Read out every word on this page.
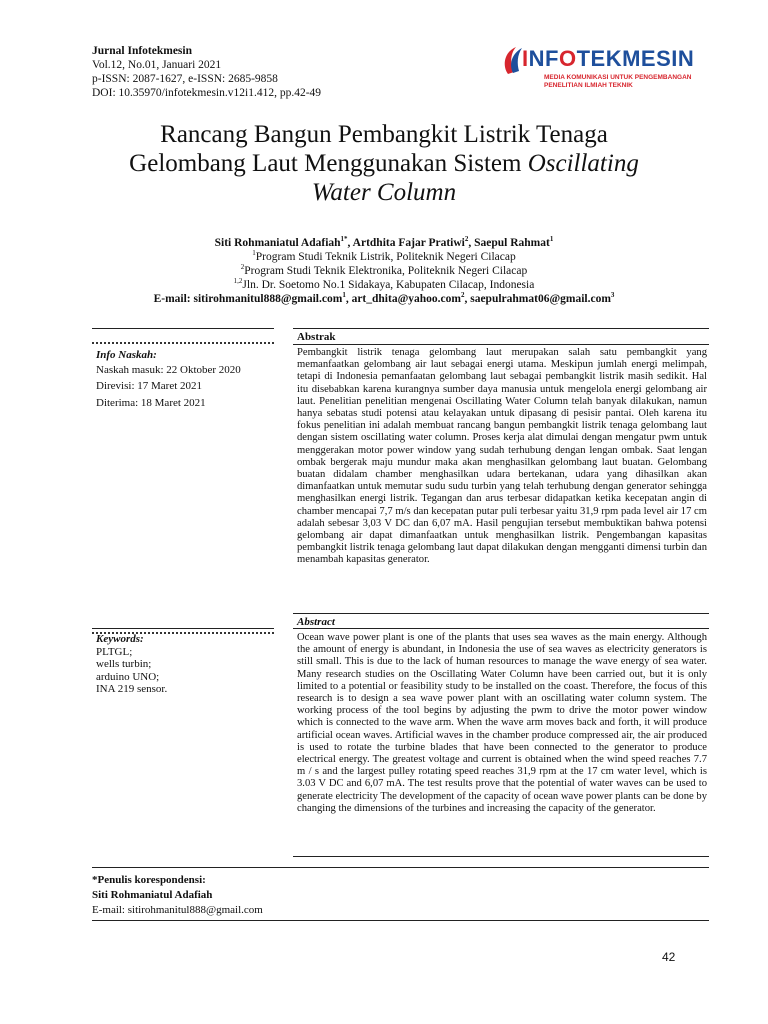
Jurnal Infotekmesin
Vol.12, No.01, Januari 2021
p-ISSN: 2087-1627, e-ISSN: 2685-9858
DOI: 10.35970/infotekmesin.v12i1.412, pp.42-49
INFOTEKMESIN
MEDIA KOMUNIKASI UNTUK PENGEMBANGAN
PENELITIAN ILMIAH TEKNIK
Rancang Bangun Pembangkit Listrik Tenaga
Gelombang Laut Menggunakan Sistem Oscillating
Water Column
Siti Rohmaniatul Adafiah$^{1*}$, Artdhita Fajar Pratiwi$^2$, Saepul Rahmat$^1$
$^1$Program Studi Teknik Listrik, Politeknik Negeri Cilacap
$^2$Program Studi Teknik Elektronika, Politeknik Negeri Cilacap
$^{1,2}$Jln. Dr. Soetomo No.1 Sidakaya, Kabupaten Cilacap, Indonesia
E-mail: sitirohmanitul888@gmail.com$^1$, art_dhita@yahoo.com$^2$, saepulrahmat06@gmail.com$^3$
Abstrak
Info Naskah:
Naskah masuk: 22 Oktober 2020
Direvisi: 17 Maret 2021
Diterima: 18 Maret 2021
Pembangkit listrik tenaga gelombang laut merupakan salah satu pembangkit yang memanfaatkan gelombang air laut sebagai energi utama. Meskipun jumlah energi melimpah, tetapi di Indonesia pemanfaatan gelombang laut sebagai pembangkit listrik masih sedikit. Hal itu disebabkan karena kurangnya sumber daya manusia untuk mengelola energi gelombang air laut. Penelitian penelitian mengenai Oscillating Water Column telah banyak dilakukan, namun hanya sebatas studi potensi atau kelayakan untuk dipasang di pesisir pantai. Oleh karena itu fokus penelitian ini adalah membuat rancang bangun pembangkit listrik tenaga gelombang laut dengan sistem oscillating water column. Proses kerja alat dimulai dengan mengatur pwm untuk menggerakan motor power window yang sudah terhubung dengan lengan ombak. Saat lengan ombak bergerak maju mundur maka akan menghasilkan gelombang laut buatan. Gelombang buatan didalam chamber menghasilkan udara bertekanan, udara yang dihasilkan akan dimanfaatkan untuk memutar sudu sudu turbin yang telah terhubung dengan generator sehingga menghasilkan energi listrik. Tegangan dan arus terbesar didapatkan ketika kecepatan angin di chamber mencapai 7,7 m/s dan kecepatan putar puli terbesar yaitu 31,9 rpm pada level air 17 cm adalah sebesar 3,03 V DC dan 6,07 mA. Hasil pengujian tersebut membuktikan bahwa potensi gelombang air dapat dimanfaatkan untuk menghasilkan listrik. Pengembangan kapasitas pembangkit listrik tenaga gelombang laut dapat dilakukan dengan mengganti dimensi turbin dan menambah kapasitas generator.
Abstract
Keywords:
PLTGL;
wells turbin;
arduino UNO;
INA 219 sensor.
Ocean wave power plant is one of the plants that uses sea waves as the main energy. Although the amount of energy is abundant, in Indonesia the use of sea waves as electricity generators is still small. This is due to the lack of human resources to manage the wave energy of sea water. Many research studies on the Oscillating Water Column have been carried out, but it is only limited to a potential or feasibility study to be installed on the coast. Therefore, the focus of this research is to design a sea wave power plant with an oscillating water column system. The working process of the tool begins by adjusting the pwm to drive the motor power window which is connected to the wave arm. When the wave arm moves back and forth, it will produce artificial ocean waves. Artificial waves in the chamber produce compressed air, the air produced is used to rotate the turbine blades that have been connected to the generator to produce electrical energy. The greatest voltage and current is obtained when the wind speed reaches 7.7 m / s and the largest pulley rotating speed reaches 31,9 rpm at the 17 cm water level, which is 3.03 V DC and 6,07 mA. The test results prove that the potential of water waves can be used to generate electricity The development of the capacity of ocean wave power plants can be done by changing the dimensions of the turbines and increasing the capacity of the generator.
*Penulis korespondensi:
Siti Rohmaniatul Adafiah
E-mail: sitirohmanitul888@gmail.com
42
